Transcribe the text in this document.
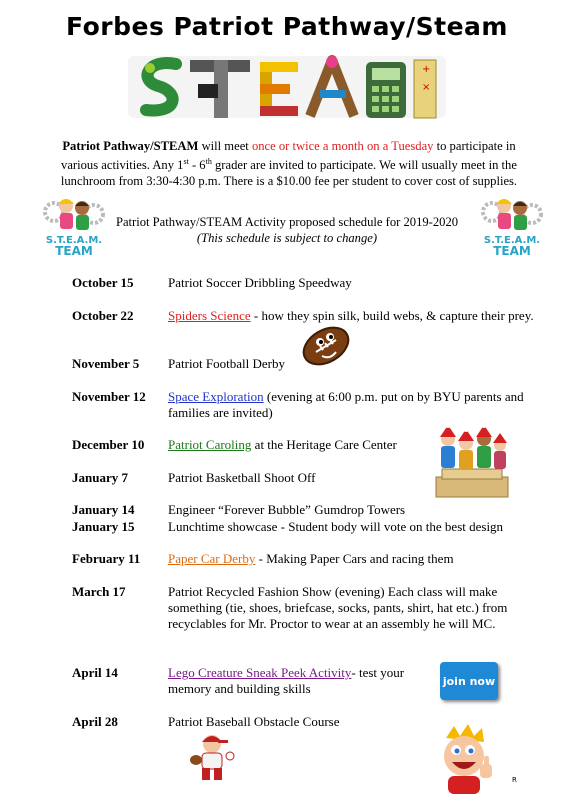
Forbes Patriot Pathway/Steam
+
×
Patriot Pathway/STEAM will meet once or twice a month on a Tuesday to participate in various activities. Any 1st - 6th grader are invited to participate. We will usually meet in the lunchroom from 3:30-4:30 p.m. There is a $10.00 fee per student to cover cost of supplies.
S.T.E.A.M.
TEAM
S.T.E.A.M.
TEAM
Patriot Pathway/STEAM Activity proposed schedule for 2019-2020
(This schedule is subject to change)
October 15	Patriot Soccer Dribbling Speedway
October 22	Spiders Science - how they spin silk, build webs, & capture their prey.
November 5	Patriot Football Derby
November 12	Space Exploration (evening at 6:00 p.m. put on by BYU parents and families are invited)
December 10	Patriot Caroling at the Heritage Care Center
January 7	Patriot Basketball Shoot Off
January 14	Engineer “Forever Bubble” Gumdrop Towers
January 15	Lunchtime showcase - Student body will vote on the best design
February 11	Paper Car Derby - Making Paper Cars and racing them
March 17	Patriot Recycled Fashion Show (evening) Each class will make something (tie, shoes, briefcase, socks, pants, shirt, hat etc.) from recyclables for Mr. Proctor to wear at an assembly he will MC.
April 14	Lego Creature Sneak Peek Activity- test your memory and building skills
April 28	Patriot Baseball Obstacle Course
join now
R
